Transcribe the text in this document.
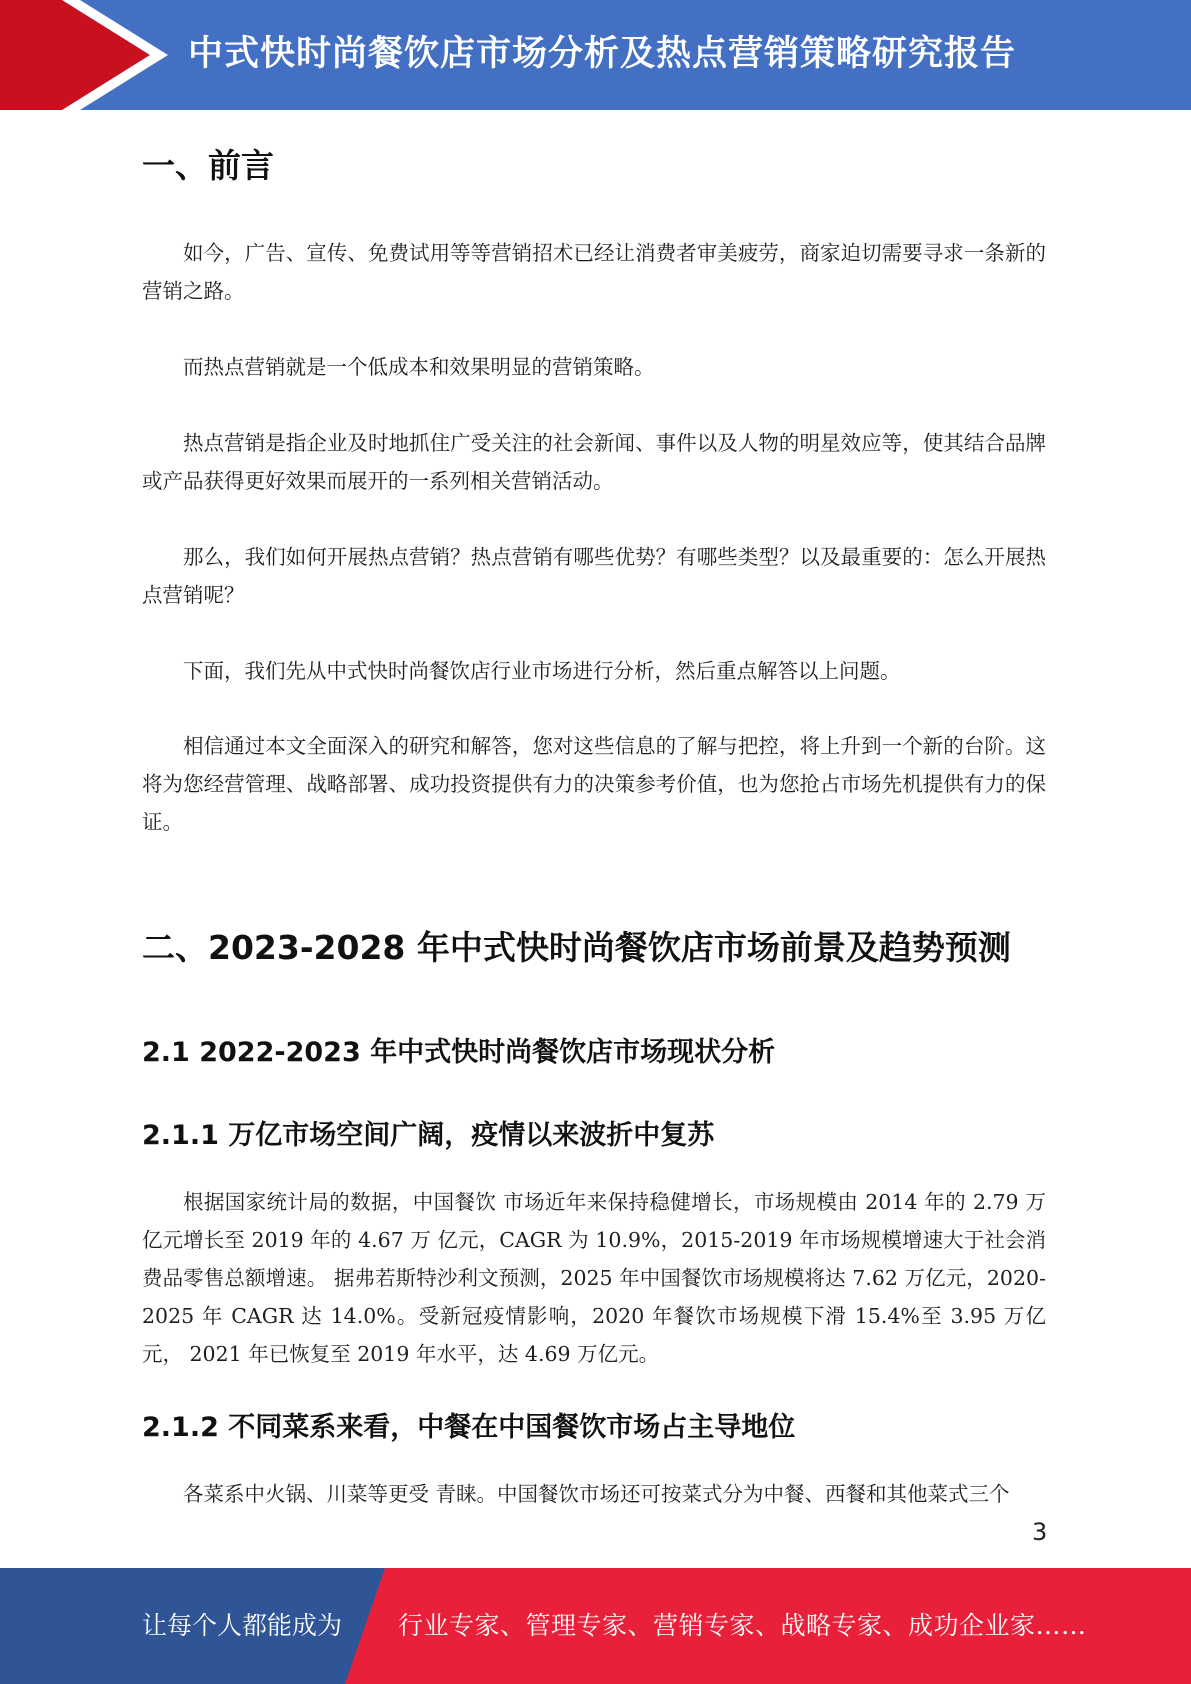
中式快时尚餐饮店市场分析及热点营销策略研究报告
一、前言
如今，广告、宣传、免费试用等等营销招术已经让消费者审美疲劳，商家迫切需要寻求一条新的营销之路。
而热点营销就是一个低成本和效果明显的营销策略。
热点营销是指企业及时地抓住广受关注的社会新闻、事件以及人物的明星效应等，使其结合品牌或产品获得更好效果而展开的一系列相关营销活动。
那么，我们如何开展热点营销？热点营销有哪些优势？有哪些类型？以及最重要的：怎么开展热点营销呢？
下面，我们先从中式快时尚餐饮店行业市场进行分析，然后重点解答以上问题。
相信通过本文全面深入的研究和解答，您对这些信息的了解与把控，将上升到一个新的台阶。这将为您经营管理、战略部署、成功投资提供有力的决策参考价值，也为您抢占市场先机提供有力的保证。
二、2023-2028 年中式快时尚餐饮店市场前景及趋势预测
2.1 2022-2023 年中式快时尚餐饮店市场现状分析
2.1.1 万亿市场空间广阔，疫情以来波折中复苏
根据国家统计局的数据，中国餐饮 市场近年来保持稳健增长，市场规模由 2014 年的 2.79 万亿元增长至 2019 年的 4.67 万 亿元，CAGR 为 10.9%，2015-2019 年市场规模增速大于社会消费品零售总额增速。 据弗若斯特沙利文预测，2025 年中国餐饮市场规模将达 7.62 万亿元，2020-2025 年 CAGR 达 14.0%。受新冠疫情影响，2020 年餐饮市场规模下滑 15.4%至 3.95 万亿元， 2021 年已恢复至 2019 年水平，达 4.69 万亿元。
2.1.2 不同菜系来看，中餐在中国餐饮市场占主导地位
各菜系中火锅、川菜等更受 青睐。中国餐饮市场还可按菜式分为中餐、西餐和其他菜式三个
3
让每个人都能成为 行业专家、管理专家、营销专家、战略专家、成功企业家……
